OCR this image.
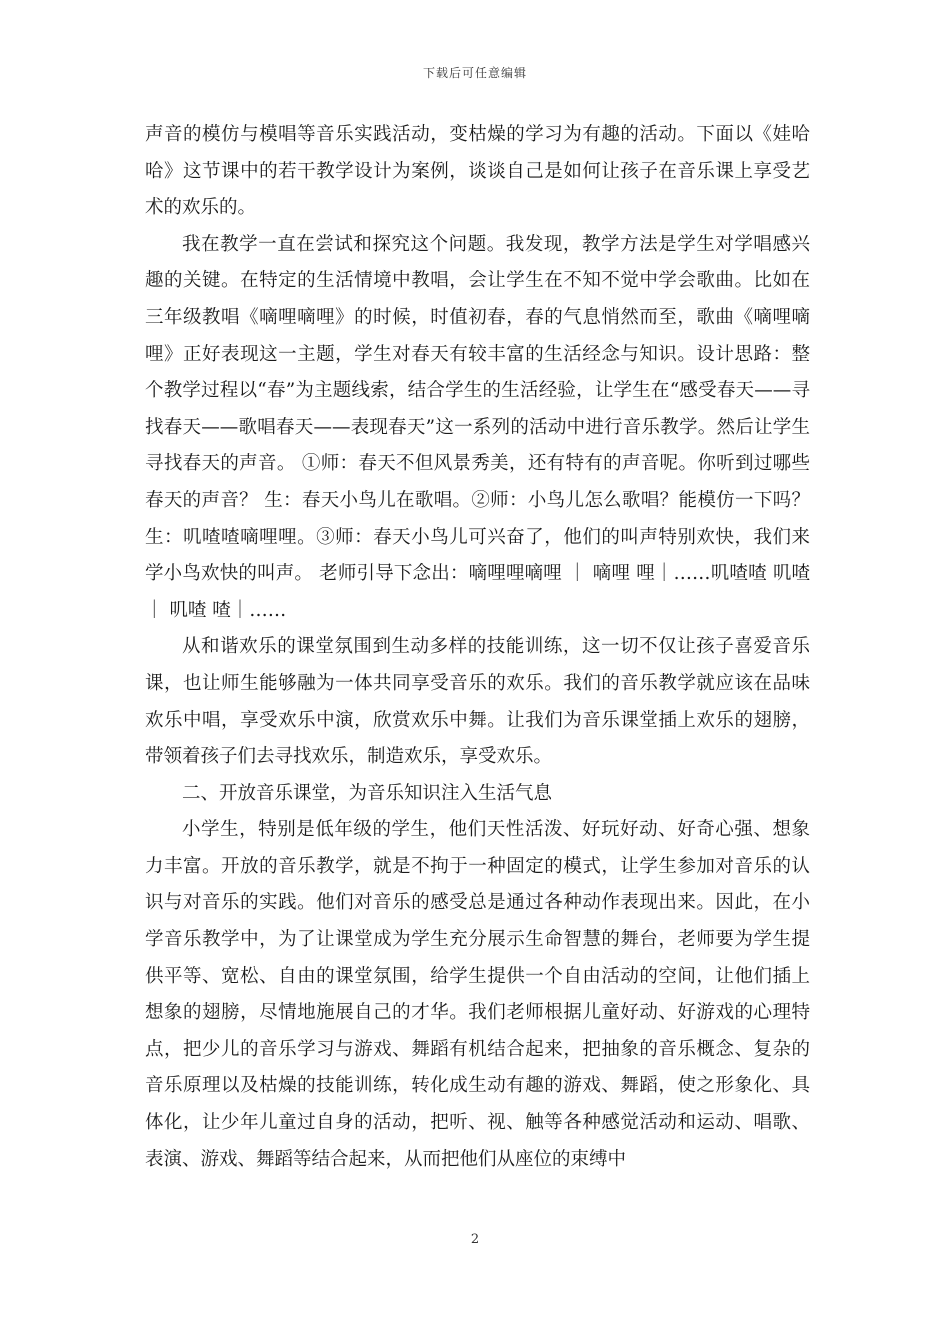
下载后可任意编辑

声音的模仿与模唱等音乐实践活动，变枯燥的学习为有趣的活动。下面以《娃哈哈》这节课中的若干教学设计为案例，谈谈自己是如何让孩子在音乐课上享受艺术的欢乐的。

我在教学一直在尝试和探究这个问题。我发现，教学方法是学生对学唱感兴趣的关键。在特定的生活情境中教唱，会让学生在不知不觉中学会歌曲。比如在三年级教唱《嘀哩嘀哩》的时候，时值初春，春的气息悄然而至，歌曲《嘀哩嘀哩》正好表现这一主题，学生对春天有较丰富的生活经念与知识。设计思路：整个教学过程以“春”为主题线索，结合学生的生活经验，让学生在“感受春天——寻找春天——歌唱春天——表现春天”这一系列的活动中进行音乐教学。然后让学生寻找春天的声音。 ①师：春天不但风景秀美，还有特有的声音呢。你听到过哪些春天的声音？ 生：春天小鸟儿在歌唱。②师：小鸟儿怎么歌唱？能模仿一下吗？ 生：叽喳喳嘀哩哩。③师：春天小鸟儿可兴奋了，他们的叫声特别欢快，我们来学小鸟欢快的叫声。 老师引导下念出：嘀哩哩嘀哩 ｜ 嘀哩 哩｜……叽喳喳 叽喳 ｜ 叽喳 喳｜……

从和谐欢乐的课堂氛围到生动多样的技能训练，这一切不仅让孩子喜爱音乐课，也让师生能够融为一体共同享受音乐的欢乐。我们的音乐教学就应该在品味欢乐中唱，享受欢乐中演，欣赏欢乐中舞。让我们为音乐课堂插上欢乐的翅膀，带领着孩子们去寻找欢乐，制造欢乐，享受欢乐。

二、开放音乐课堂，为音乐知识注入生活气息

小学生，特别是低年级的学生，他们天性活泼、好玩好动、好奇心强、想象力丰富。开放的音乐教学，就是不拘于一种固定的模式，让学生参加对音乐的认识与对音乐的实践。他们对音乐的感受总是通过各种动作表现出来。因此，在小学音乐教学中，为了让课堂成为学生充分展示生命智慧的舞台，老师要为学生提供平等、宽松、自由的课堂氛围，给学生提供一个自由活动的空间，让他们插上想象的翅膀，尽情地施展自己的才华。我们老师根据儿童好动、好游戏的心理特点，把少儿的音乐学习与游戏、舞蹈有机结合起来，把抽象的音乐概念、复杂的音乐原理以及枯燥的技能训练，转化成生动有趣的游戏、舞蹈，使之形象化、具体化，让少年儿童过自身的活动，把听、视、触等各种感觉活动和运动、唱歌、表演、游戏、舞蹈等结合起来，从而把他们从座位的束缚中

2
